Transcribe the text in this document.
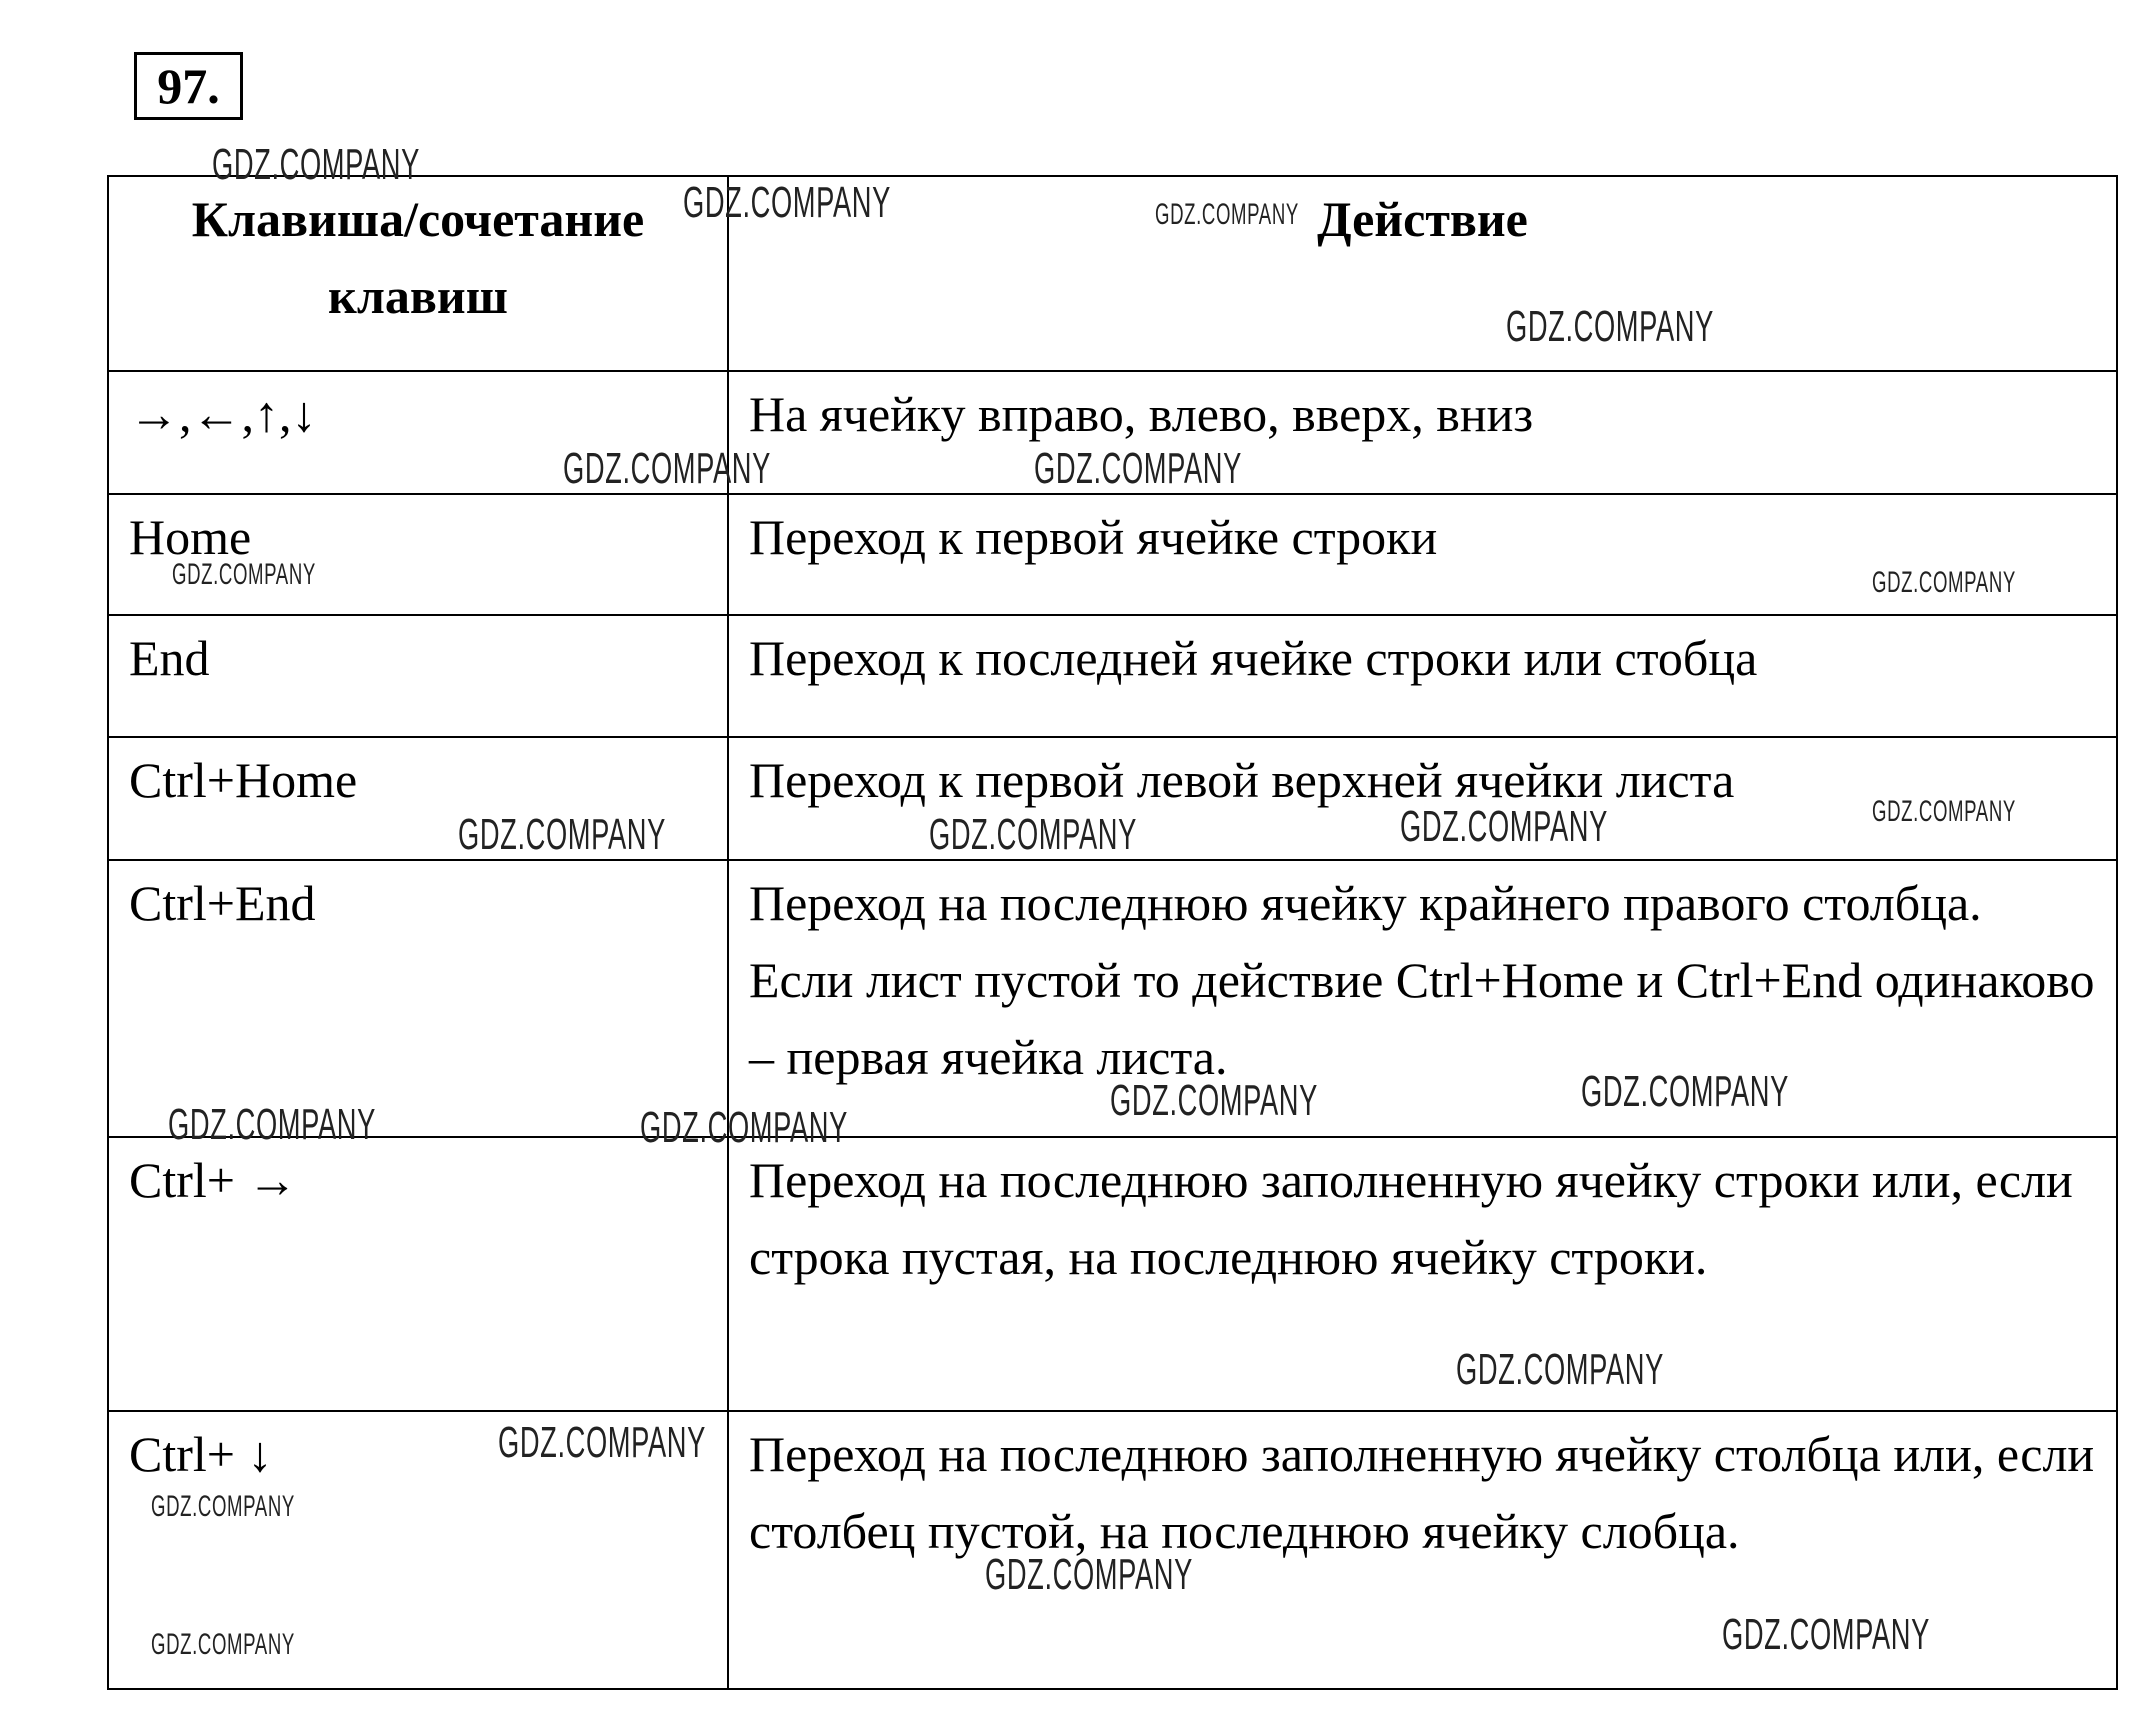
97.
Клавиша/сочетание клавиш	Действие
→,←,↑,↓	На ячейку вправо, влево, вверх, вниз
Home	Переход к первой ячейке строки
End	Переход к последней ячейке строки или стобца
Ctrl+Home	Переход к первой левой верхней ячейки листа
Ctrl+End	Переход на последнюю ячейку крайнего правого столбца. Если лист пустой то действие Ctrl+Home и Ctrl+End одинаково – первая ячейка листа.
Ctrl+ →	Переход на последнюю заполненную ячейку строки или, если строка пустая, на последнюю ячейку строки.
Ctrl+ ↓	Переход на последнюю заполненную ячейку столбца или, если столбец пустой, на последнюю ячейку слобца.
GDZ.COMPANY
GDZ.COMPANY	GDZ.COMPANY
GDZ.COMPANY
GDZ.COMPANY	GDZ.COMPANY
GDZ.COMPANY	GDZ.COMPANY
GDZ.COMPANY
GDZ.COMPANY	GDZ.COMPANY	GDZ.COMPANY
GDZ.COMPANY	GDZ.COMPANY
GDZ.COMPANY	GDZ.COMPANY
GDZ.COMPANY
GDZ.COMPANY
GDZ.COMPANY
GDZ.COMPANY
GDZ.COMPANY	GDZ.COMPANY
